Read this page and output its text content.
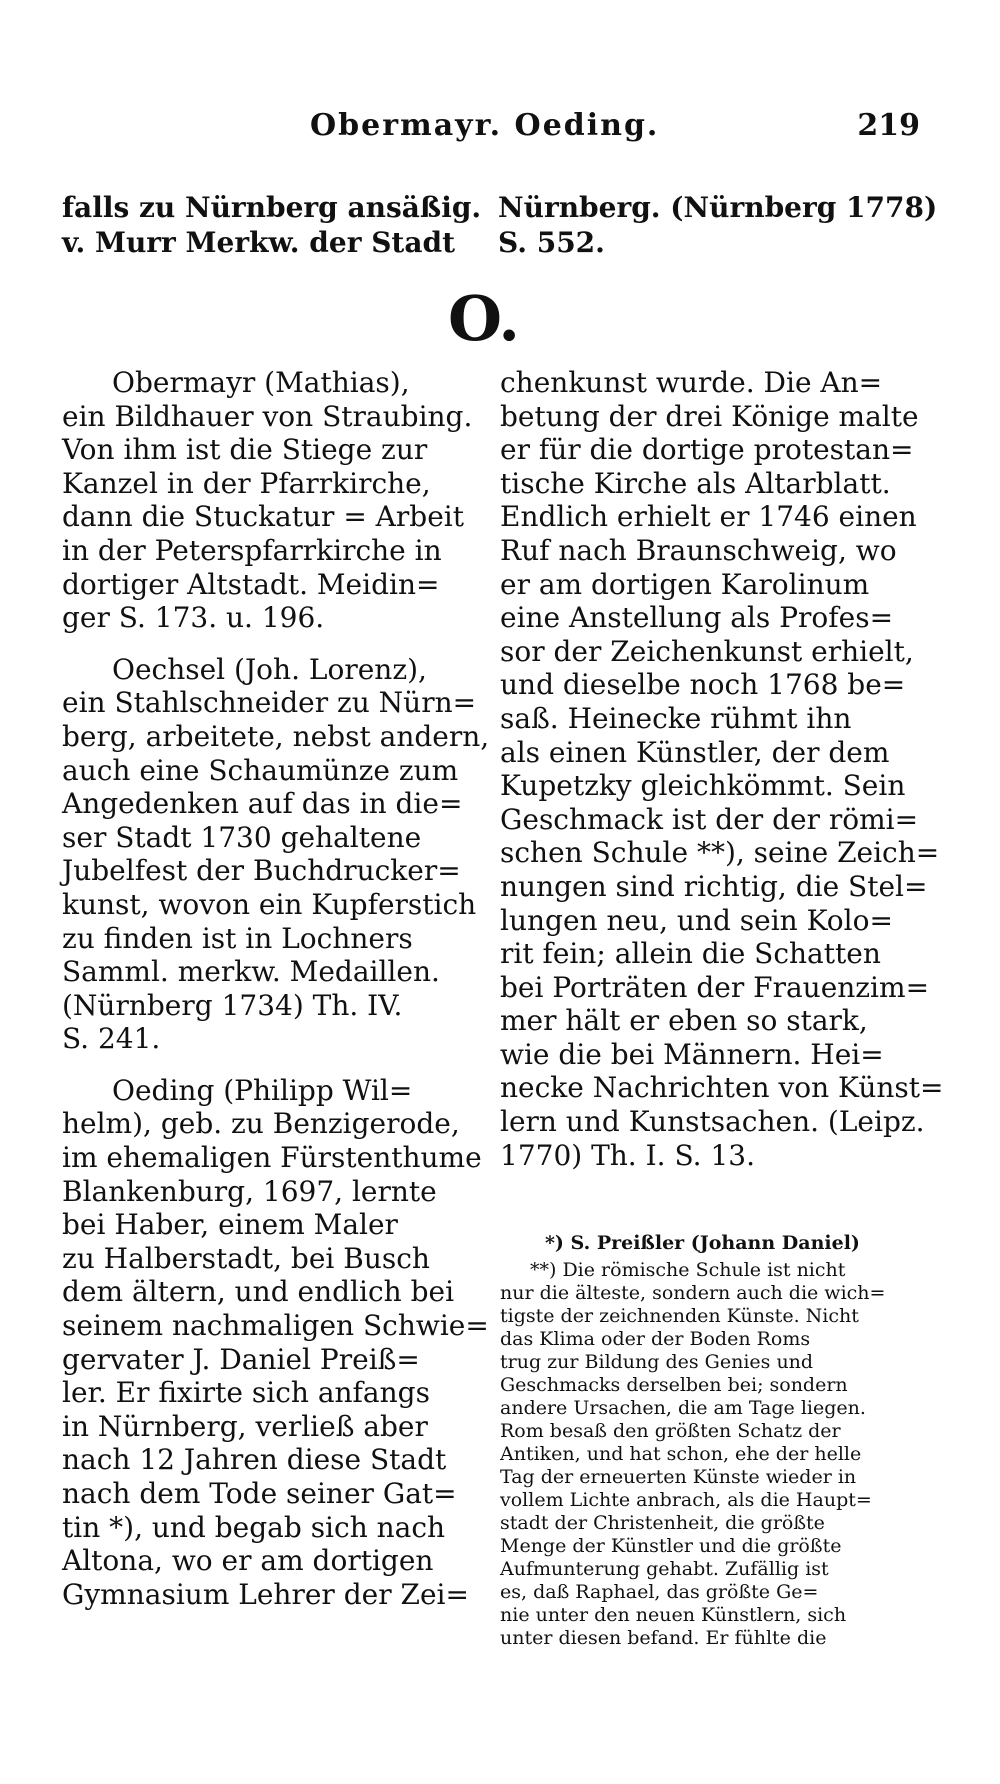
Obermayr. Oeding.	219
falls zu Nürnberg ansäßig.
v. Murr Merkw. der Stadt
Nürnberg. (Nürnberg 1778)
S. 552.
O.
Obermayr (Mathias),
ein Bildhauer von Straubing.
Von ihm ist die Stiege zur
Kanzel in der Pfarrkirche,
dann die Stuckatur = Arbeit
in der Peterspfarrkirche in
dortiger Altstadt. Meidin=
ger S. 173. u. 196.
Oechsel (Joh. Lorenz),
ein Stahlschneider zu Nürn=
berg, arbeitete, nebst andern,
auch eine Schaumünze zum
Angedenken auf das in die=
ser Stadt 1730 gehaltene
Jubelfest der Buchdrucker=
kunst, wovon ein Kupferstich
zu finden ist in Lochners
Samml. merkw. Medaillen.
(Nürnberg 1734) Th. IV.
S. 241.
Oeding (Philipp Wil=
helm), geb. zu Benzigerode,
im ehemaligen Fürstenthume
Blankenburg, 1697, lernte
bei Haber, einem Maler
zu Halberstadt, bei Busch
dem ältern, und endlich bei
seinem nachmaligen Schwie=
gervater J. Daniel Preiß=
ler. Er fixirte sich anfangs
in Nürnberg, verließ aber
nach 12 Jahren diese Stadt
nach dem Tode seiner Gat=
tin *), und begab sich nach
Altona, wo er am dortigen
Gymnasium Lehrer der Zei=
chenkunst wurde. Die An=
betung der drei Könige malte
er für die dortige protestan=
tische Kirche als Altarblatt.
Endlich erhielt er 1746 einen
Ruf nach Braunschweig, wo
er am dortigen Karolinum
eine Anstellung als Profes=
sor der Zeichenkunst erhielt,
und dieselbe noch 1768 be=
saß. Heinecke rühmt ihn
als einen Künstler, der dem
Kupetzky gleichkömmt. Sein
Geschmack ist der der römi=
schen Schule **), seine Zeich=
nungen sind richtig, die Stel=
lungen neu, und sein Kolo=
rit fein; allein die Schatten
bei Porträten der Frauenzim=
mer hält er eben so stark,
wie die bei Männern. Hei=
necke Nachrichten von Künst=
lern und Kunstsachen. (Leipz.
1770) Th. I. S. 13.
*) S. Preißler (Johann Daniel)
**) Die römische Schule ist nicht
nur die älteste, sondern auch die wich=
tigste der zeichnenden Künste. Nicht
das Klima oder der Boden Roms
trug zur Bildung des Genies und
Geschmacks derselben bei; sondern
andere Ursachen, die am Tage liegen.
Rom besaß den größten Schatz der
Antiken, und hat schon, ehe der helle
Tag der erneuerten Künste wieder in
vollem Lichte anbrach, als die Haupt=
stadt der Christenheit, die größte
Menge der Künstler und die größte
Aufmunterung gehabt. Zufällig ist
es, daß Raphael, das größte Ge=
nie unter den neuen Künstlern, sich
unter diesen befand. Er fühlte die
